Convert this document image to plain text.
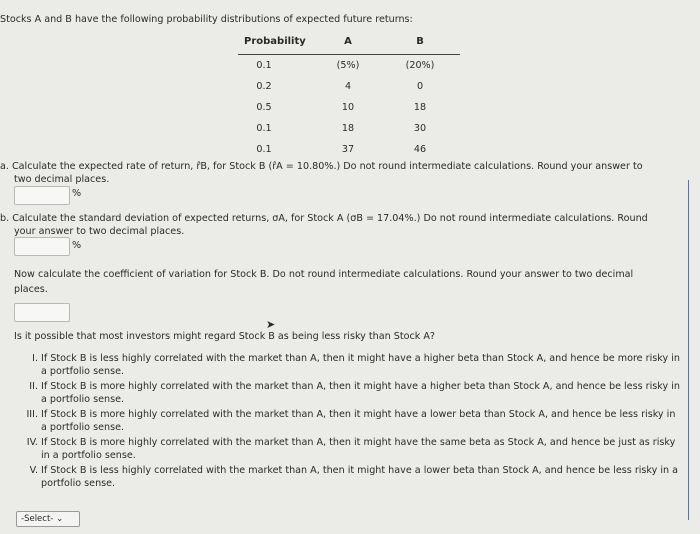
Stocks A and B have the following probability distributions of expected future returns:
Probability	A	B
0.1	(5%)	(20%)
0.2	4	0
0.5	10	18
0.1	18	30
0.1	37	46
a. Calculate the expected rate of return, r̂B, for Stock B (r̂A = 10.80%.) Do not round intermediate calculations. Round your answer to
two decimal places.
%
b. Calculate the standard deviation of expected returns, σA, for Stock A (σB = 17.04%.) Do not round intermediate calculations. Round
your answer to two decimal places.
%
Now calculate the coefficient of variation for Stock B. Do not round intermediate calculations. Round your answer to two decimal
places.
Is it possible that most investors might regard Stock B as being less risky than Stock A?
➤
I. If Stock B is less highly correlated with the market than A, then it might have a higher beta than Stock A, and hence be more risky in a portfolio sense.
II. If Stock B is more highly correlated with the market than A, then it might have a higher beta than Stock A, and hence be less risky in a portfolio sense.
III. If Stock B is more highly correlated with the market than A, then it might have a lower beta than Stock A, and hence be less risky in a portfolio sense.
IV. If Stock B is more highly correlated with the market than A, then it might have the same beta as Stock A, and hence be just as risky in a portfolio sense.
V. If Stock B is less highly correlated with the market than A, then it might have a lower beta than Stock A, and hence be less risky in a portfolio sense.
-Select- ⌄
